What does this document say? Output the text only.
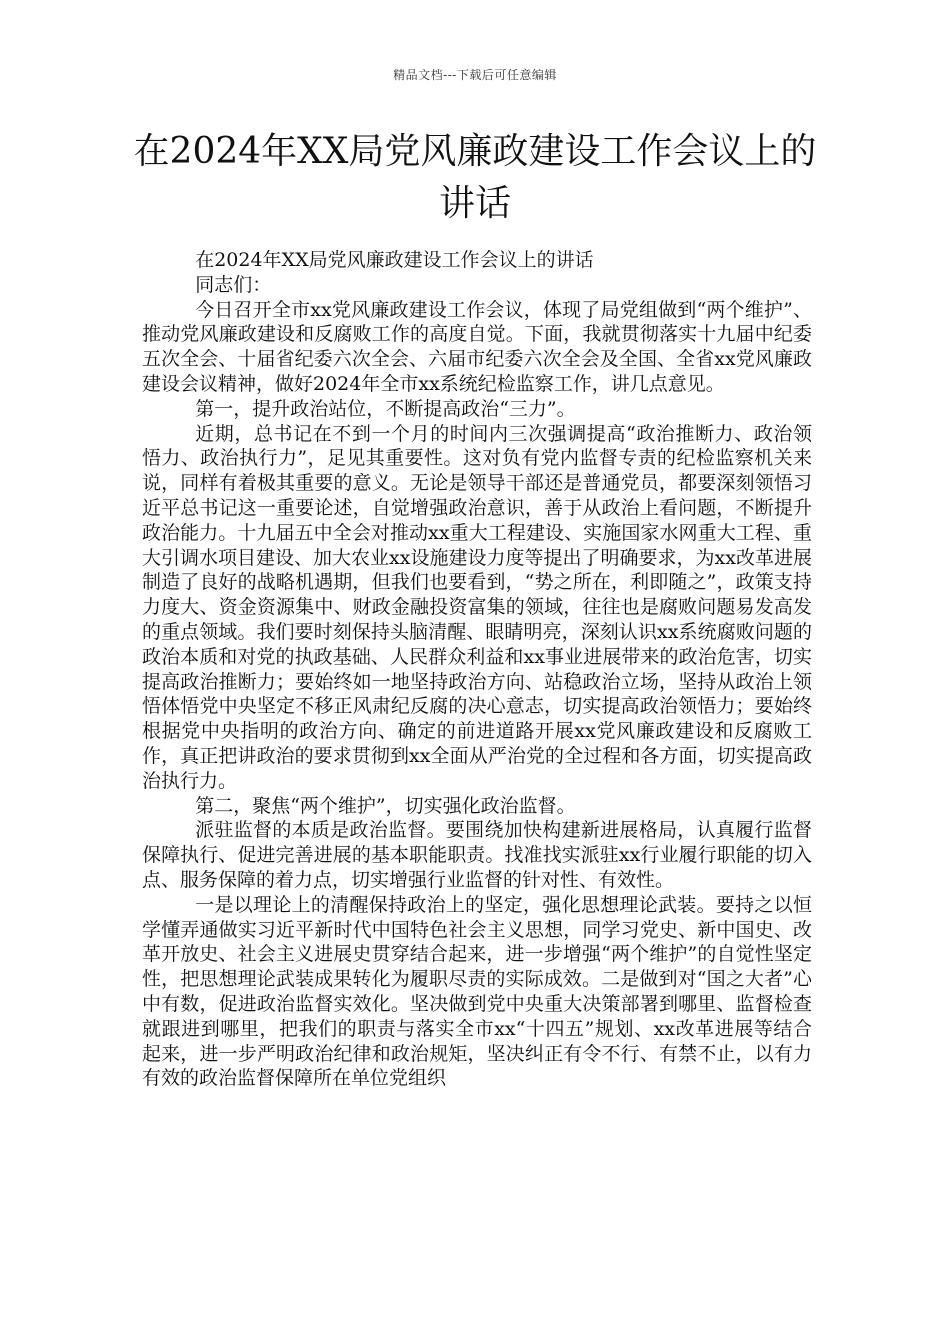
精品文档---下载后可任意编辑
在2024年XX局党风廉政建设工作会议上的讲话

在2024年XX局党风廉政建设工作会议上的讲话

同志们：

今日召开全市xx党风廉政建设工作会议，体现了局党组做到“两个维护”、推动党风廉政建设和反腐败工作的高度自觉。下面，我就贯彻落实十九届中纪委五次全会、十届省纪委六次全会、六届市纪委六次全会及全国、全省xx党风廉政建设会议精神，做好2024年全市xx系统纪检监察工作，讲几点意见。

第一，提升政治站位，不断提高政治“三力”。

近期，总书记在不到一个月的时间内三次强调提高“政治推断力、政治领悟力、政治执行力”，足见其重要性。这对负有党内监督专责的纪检监察机关来说，同样有着极其重要的意义。无论是领导干部还是普通党员，都要深刻领悟习近平总书记这一重要论述，自觉增强政治意识，善于从政治上看问题，不断提升政治能力。十九届五中全会对推动xx重大工程建设、实施国家水网重大工程、重大引调水项目建设、加大农业xx设施建设力度等提出了明确要求，为xx改革进展制造了良好的战略机遇期，但我们也要看到，“势之所在，利即随之”，政策支持力度大、资金资源集中、财政金融投资富集的领域，往往也是腐败问题易发高发的重点领域。我们要时刻保持头脑清醒、眼睛明亮，深刻认识xx系统腐败问题的政治本质和对党的执政基础、人民群众利益和xx事业进展带来的政治危害，切实提高政治推断力；要始终如一地坚持政治方向、站稳政治立场，坚持从政治上领悟体悟党中央坚定不移正风肃纪反腐的决心意志，切实提高政治领悟力；要始终根据党中央指明的政治方向、确定的前进道路开展xx党风廉政建设和反腐败工作，真正把讲政治的要求贯彻到xx全面从严治党的全过程和各方面，切实提高政治执行力。

第二，聚焦“两个维护”，切实强化政治监督。

派驻监督的本质是政治监督。要围绕加快构建新进展格局，认真履行监督保障执行、促进完善进展的基本职能职责。找准找实派驻xx行业履行职能的切入点、服务保障的着力点，切实增强行业监督的针对性、有效性。

一是以理论上的清醒保持政治上的坚定，强化思想理论武装。要持之以恒学懂弄通做实习近平新时代中国特色社会主义思想，同学习党史、新中国史、改革开放史、社会主义进展史贯穿结合起来，进一步增强“两个维护”的自觉性坚定性，把思想理论武装成果转化为履职尽责的实际成效。二是做到对“国之大者”心中有数，促进政治监督实效化。坚决做到党中央重大决策部署到哪里、监督检查就跟进到哪里，把我们的职责与落实全市xx“十四五”规划、xx改革进展等结合起来，进一步严明政治纪律和政治规矩，坚决纠正有令不行、有禁不止，以有力有效的政治监督保障所在单位党组织
